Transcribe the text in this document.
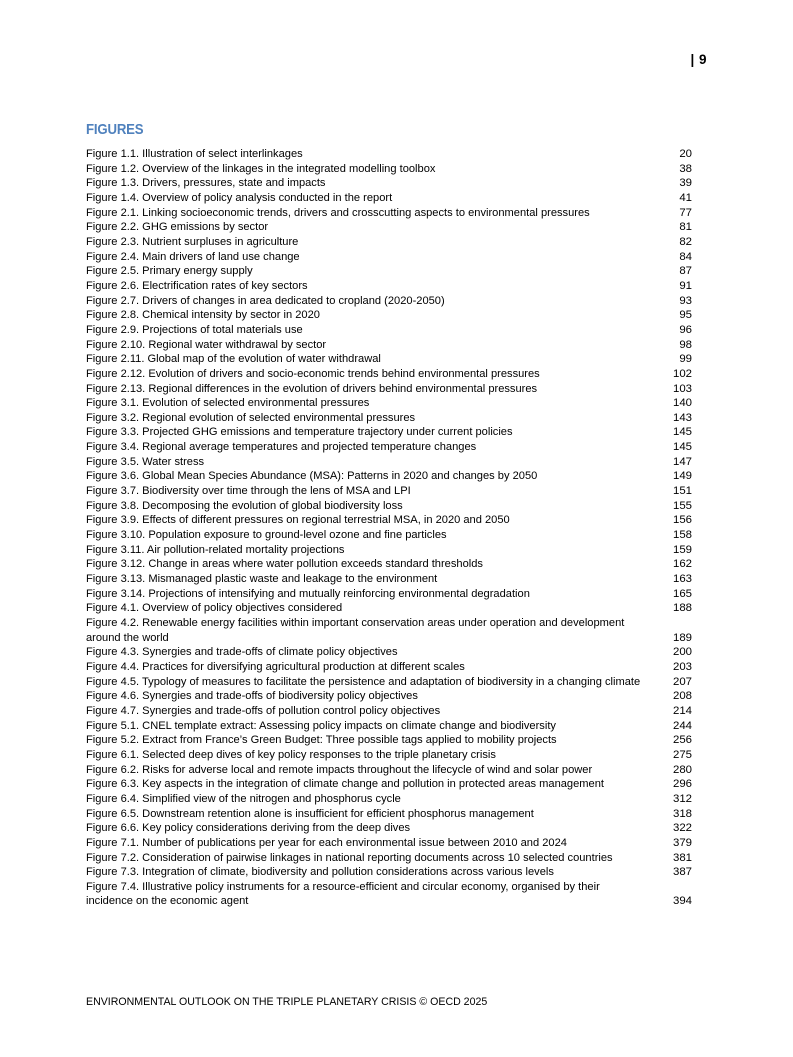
| 9
FIGURES
Figure 1.1. Illustration of select interlinkages	20
Figure 1.2. Overview of the linkages in the integrated modelling toolbox	38
Figure 1.3. Drivers, pressures, state and impacts	39
Figure 1.4. Overview of policy analysis conducted in the report	41
Figure 2.1. Linking socioeconomic trends, drivers and crosscutting aspects to environmental pressures	77
Figure 2.2. GHG emissions by sector	81
Figure 2.3. Nutrient surpluses in agriculture	82
Figure 2.4. Main drivers of land use change	84
Figure 2.5. Primary energy supply	87
Figure 2.6. Electrification rates of key sectors	91
Figure 2.7. Drivers of changes in area dedicated to cropland (2020-2050)	93
Figure 2.8. Chemical intensity by sector in 2020	95
Figure 2.9. Projections of total materials use	96
Figure 2.10. Regional water withdrawal by sector	98
Figure 2.11. Global map of the evolution of water withdrawal	99
Figure 2.12. Evolution of drivers and socio-economic trends behind environmental pressures	102
Figure 2.13. Regional differences in the evolution of drivers behind environmental pressures	103
Figure 3.1. Evolution of selected environmental pressures	140
Figure 3.2. Regional evolution of selected environmental pressures	143
Figure 3.3. Projected GHG emissions and temperature trajectory under current policies	145
Figure 3.4. Regional average temperatures and projected temperature changes	145
Figure 3.5. Water stress	147
Figure 3.6. Global Mean Species Abundance (MSA): Patterns in 2020 and changes by 2050	149
Figure 3.7. Biodiversity over time through the lens of MSA and LPI	151
Figure 3.8. Decomposing the evolution of global biodiversity loss	155
Figure 3.9. Effects of different pressures on regional terrestrial MSA, in 2020 and 2050	156
Figure 3.10. Population exposure to ground-level ozone and fine particles	158
Figure 3.11. Air pollution-related mortality projections	159
Figure 3.12. Change in areas where water pollution exceeds standard thresholds	162
Figure 3.13. Mismanaged plastic waste and leakage to the environment	163
Figure 3.14. Projections of intensifying and mutually reinforcing environmental degradation	165
Figure 4.1. Overview of policy objectives considered	188
Figure 4.2. Renewable energy facilities within important conservation areas under operation and development around the world	189
Figure 4.3. Synergies and trade-offs of climate policy objectives	200
Figure 4.4. Practices for diversifying agricultural production at different scales	203
Figure 4.5. Typology of measures to facilitate the persistence and adaptation of biodiversity in a changing climate	207
Figure 4.6. Synergies and trade-offs of biodiversity policy objectives	208
Figure 4.7. Synergies and trade-offs of pollution control policy objectives	214
Figure 5.1. CNEL template extract: Assessing policy impacts on climate change and biodiversity	244
Figure 5.2. Extract from France’s Green Budget: Three possible tags applied to mobility projects	256
Figure 6.1. Selected deep dives of key policy responses to the triple planetary crisis	275
Figure 6.2. Risks for adverse local and remote impacts throughout the lifecycle of wind and solar power	280
Figure 6.3. Key aspects in the integration of climate change and pollution in protected areas management	296
Figure 6.4. Simplified view of the nitrogen and phosphorus cycle	312
Figure 6.5. Downstream retention alone is insufficient for efficient phosphorus management	318
Figure 6.6. Key policy considerations deriving from the deep dives	322
Figure 7.1. Number of publications per year for each environmental issue between 2010 and 2024	379
Figure 7.2. Consideration of pairwise linkages in national reporting documents across 10 selected countries	381
Figure 7.3. Integration of climate, biodiversity and pollution considerations across various levels	387
Figure 7.4. Illustrative policy instruments for a resource-efficient and circular economy, organised by their incidence on the economic agent	394
ENVIRONMENTAL OUTLOOK ON THE TRIPLE PLANETARY CRISIS © OECD 2025
